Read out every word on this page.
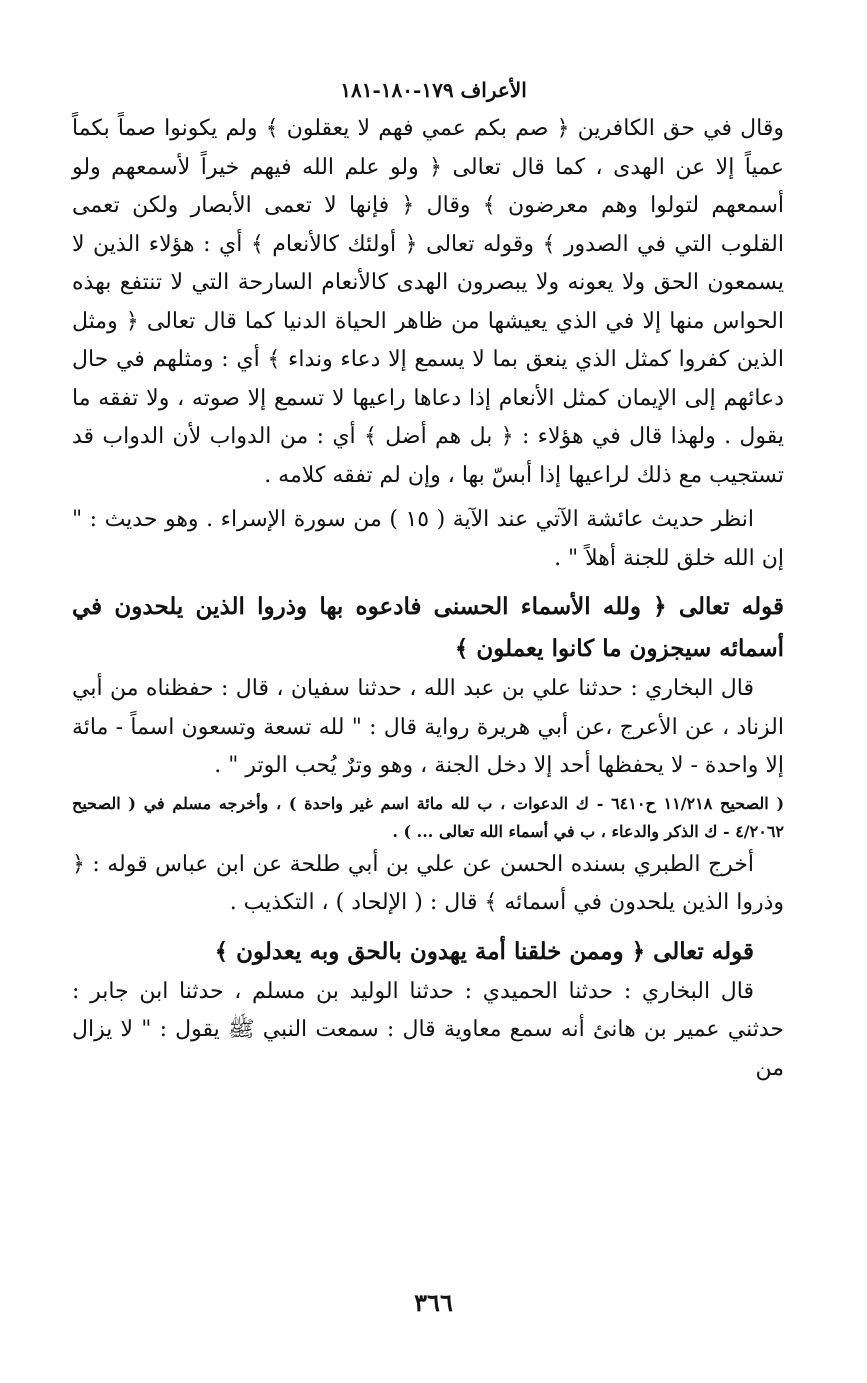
الأعراف ١٧٩-١٨٠-١٨١

وقال في حق الكافرين ﴿ صم بكم عمي فهم لا يعقلون ﴾ ولم يكونوا صماً بكماً عمياً إلا عن الهدى ، كما قال تعالى ﴿ ولو علم الله فيهم خيراً لأسمعهم ولو أسمعهم لتولوا وهم معرضون ﴾ وقال ﴿ فإنها لا تعمى الأبصار ولكن تعمى القلوب التي في الصدور ﴾ وقوله تعالى ﴿ أولئك كالأنعام ﴾ أي : هؤلاء الذين لا يسمعون الحق ولا يعونه ولا يبصرون الهدى كالأنعام السارحة التي لا تنتفع بهذه الحواس منها إلا في الذي يعيشها من ظاهر الحياة الدنيا كما قال تعالى ﴿ ومثل الذين كفروا كمثل الذي ينعق بما لا يسمع إلا دعاء ونداء ﴾ أي : ومثلهم في حال دعائهم إلى الإيمان كمثل الأنعام إذا دعاها راعيها لا تسمع إلا صوته ، ولا تفقه ما يقول . ولهذا قال في هؤلاء : ﴿ بل هم أضل ﴾ أي : من الدواب لأن الدواب قد تستجيب مع ذلك لراعيها إذا أبسّ بها ، وإن لم تفقه كلامه .

انظر حديث عائشة الآتي عند الآية ( ١٥ ) من سورة الإسراء . وهو حديث : " إن الله خلق للجنة أهلاً " .

قوله تعالى ﴿ ولله الأسماء الحسنى فادعوه بها وذروا الذين يلحدون في أسمائه سيجزون ما كانوا يعملون ﴾

قال البخاري : حدثنا علي بن عبد الله ، حدثنا سفيان ، قال : حفظناه من أبي الزناد ، عن الأعرج ،عن أبي هريرة رواية قال : " لله تسعة وتسعون اسماً - مائة إلا واحدة - لا يحفظها أحد إلا دخل الجنة ، وهو وترٌ يُحب الوتر " .

( الصحيح ١١/٢١٨ ح٦٤١٠ - ك الدعوات ، ب لله مائة اسم غير واحدة ) ، وأخرجه مسلم في ( الصحيح ٤/٢٠٦٢ - ك الذكر والدعاء ، ب في أسماء الله تعالى ... ) .

أخرج الطبري بسنده الحسن عن علي بن أبي طلحة عن ابن عباس قوله : ﴿ وذروا الذين يلحدون في أسمائه ﴾ قال : ( الإلحاد ) ، التكذيب .

قوله تعالى ﴿ وممن خلقنا أمة يهدون بالحق وبه يعدلون ﴾

قال البخاري : حدثنا الحميدي : حدثنا الوليد بن مسلم ، حدثنا ابن جابر : حدثني عمير بن هانئ أنه سمع معاوية قال : سمعت النبي ﷺ يقول : " لا يزال من

٣٦٦
